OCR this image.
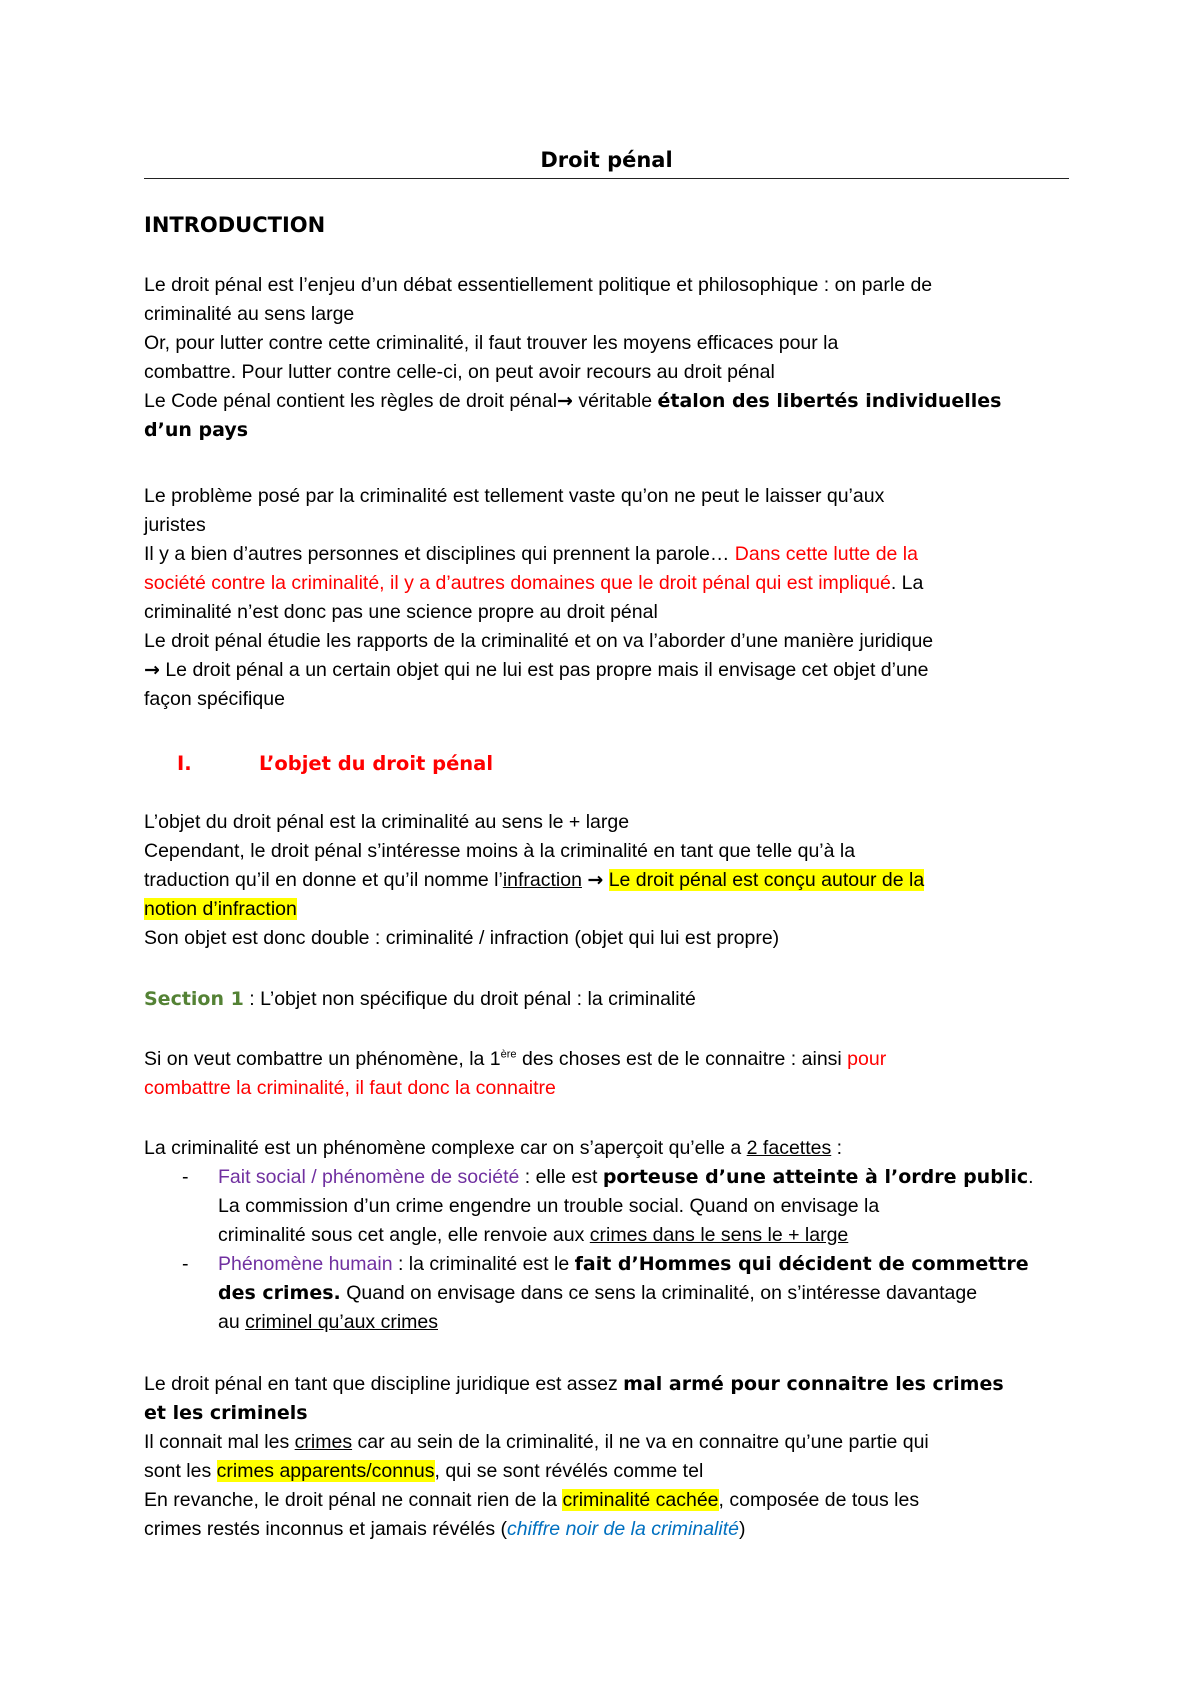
Droit pénal
INTRODUCTION
Le droit pénal est l’enjeu d’un débat essentiellement politique et philosophique : on parle de
criminalité au sens large
Or, pour lutter contre cette criminalité, il faut trouver les moyens efficaces pour la
combattre. Pour lutter contre celle-ci, on peut avoir recours au droit pénal
Le Code pénal contient les règles de droit pénal→ véritable étalon des libertés individuelles
d’un pays
Le problème posé par la criminalité est tellement vaste qu’on ne peut le laisser qu’aux
juristes
Il y a bien d’autres personnes et disciplines qui prennent la parole… Dans cette lutte de la
société contre la criminalité, il y a d’autres domaines que le droit pénal qui est impliqué. La
criminalité n’est donc pas une science propre au droit pénal
Le droit pénal étudie les rapports de la criminalité et on va l’aborder d’une manière juridique
→ Le droit pénal a un certain objet qui ne lui est pas propre mais il envisage cet objet d’une
façon spécifique
I.	L’objet du droit pénal
L’objet du droit pénal est la criminalité au sens le + large
Cependant, le droit pénal s’intéresse moins à la criminalité en tant que telle qu’à la
traduction qu’il en donne et qu’il nomme l’infraction → Le droit pénal est conçu autour de la
notion d’infraction
Son objet est donc double : criminalité / infraction (objet qui lui est propre)
Section 1 : L’objet non spécifique du droit pénal : la criminalité
Si on veut combattre un phénomène, la 1ère des choses est de le connaitre : ainsi pour
combattre la criminalité, il faut donc la connaitre
La criminalité est un phénomène complexe car on s’aperçoit qu’elle a 2 facettes :
- Fait social / phénomène de société : elle est porteuse d’une atteinte à l’ordre public.
La commission d’un crime engendre un trouble social. Quand on envisage la
criminalité sous cet angle, elle renvoie aux crimes dans le sens le + large
- Phénomène humain : la criminalité est le fait d’Hommes qui décident de commettre
des crimes. Quand on envisage dans ce sens la criminalité, on s’intéresse davantage
au criminel qu’aux crimes
Le droit pénal en tant que discipline juridique est assez mal armé pour connaitre les crimes
et les criminels
Il connait mal les crimes car au sein de la criminalité, il ne va en connaitre qu’une partie qui
sont les crimes apparents/connus, qui se sont révélés comme tel
En revanche, le droit pénal ne connait rien de la criminalité cachée, composée de tous les
crimes restés inconnus et jamais révélés (chiffre noir de la criminalité)
